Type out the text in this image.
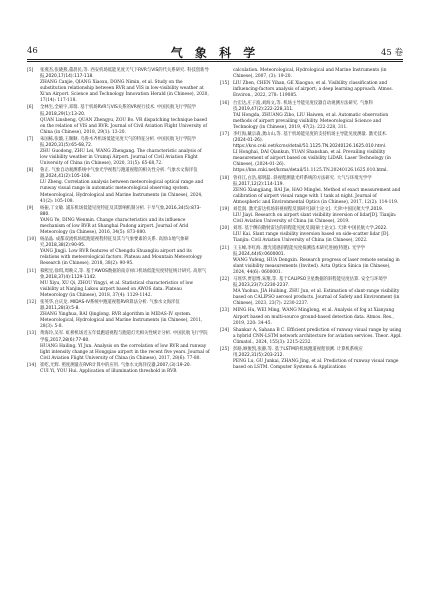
46	气 象 科 学	45 卷
[5] 张燕杰,张晓燕,董晨民,等. 西安机场低能见度天气下RVR与VIS的代关系研究. 科技创新导报,2020,17(14):117-118.
ZHANG Canjie, QIANG Xiaoxu, DONG Nimin, et al. Study on the substitution relationship between RVR and VIS in low-visibility weather at Xi'an Airport. Science and Technology Innovation Herald (in Chinese), 2020, 17(14): 117-118.
[6] 全林生,全硕宇,邓瑞. 基于机场RVR与VIS关系的VR视行技术. 中国民航飞行学院学报,2018,29(1):13-20.
QUAN Linsheng, QUAN Zhengyu, ZOU Bo. VR dispatching technique based on the relation of VIS and RVR. Journal of Civil Aviation Flight University of China (in Chinese), 2018, 29(1): 13-20.
[7] 朱国栋,张璇,王顺顺. 乌鲁木齐机场低能见度天气的特征分析. 中国民航飞行学院学报,2020,31(5):65-68,72.
ZHU Guodong, ZHU Lei, WANG Zhengang. The characteristic analysis of low visibility weather in Urumqi Airport. Journal of Civil Aviation Flight University of China (in Chinese), 2020, 31(5): 65-68,72.
[8] 鲁正. 气象自动观测系统中气象光学视程与跑道视程的相关性分析. 气象水文海洋仪器,2024,41(2):105-108.
LU Zheng. Correlation analysis between meteorological optical range and runway visual range in automatic meteorological observing system. Meteorological, Hydrological and Marine Instruments (in Chinese), 2024, 41(2): 105-108.
[9] 杨振,丁文敏. 浦东机场低能见度特征及其影响机制分析. 干旱气象,2016,34(5):873-880.
YANG Ye, DING Wenmin. Change characteristics and its influence mechanism of low RVR at Shanghai Pudong airport. Journal of Arid Meteorology (in Chinese), 2016, 34(5): 873-880.
[10] 杨晶晶. 成都双流机场低跑道视程特征及其与气象要素的关系. 高原山地气象研究,2018,38(2):90-95.
YANG Jingji. Low RVR features of Chengdu Shuangliu airport and its relations with meteorological factors. Plateau and Mountain Meteorology Research (in Chinese), 2018, 38(2): 90-95.
[11] 慕熙昱,徐琪,周映义,等. 基于AWOS数据的南京禄口机场低能见度特征统计研究. 高原气象,2018,37(4):1129-1142.
MU Xiyu, XU Qi, ZHOU Yingyi, et al. Statistical characteristics of low visibility at Nanjing Lukou airport based on AWOS data. Plateau Meteorology (in Chinese), 2018, 37(4): 1129-1142.
[12] 张英华,白庆龙. MIDAS-IV系统中跑道视程RVR算法分析. 气象水文海洋仪器,2011,28(3):5-8.
ZHANG Yinghua, BAI Qinglong. RVR algorithm in MIDAS-IV system. Meteorological, Hydrological and Marine Instruments (in Chinese), 2011, 28(3): 5-8.
[13] 黄海玲,吴军. 虹桥机场近五年低跑道视程与跑道灯光相关性统计分析. 中国民航飞行学院学报,2017,28(6):77-80.
HUANG Hailing, YI Jun. Analysis on the correlation of low RVR and runway light intensity change at Hongqiao airport in the recent five years. Journal of Civil Aviation Flight University of China (in Chinese), 2017, 28(6): 77-80.
[14] 崔屹,尤辉. 照度测量在RVR计算中的应用. 气象水文海洋仪器,2007,(3):19-20.
CUI Yi, YOU Hui. Application of illumination threshold in RVR
calculation. Meteorological, Hydrological and Marine Instruments (in Chinese), 2007, (3): 19-20.
[15] LIU Zhen, CHEN Yihan, GE Xiaoguo, et al. Visibility classification and influencing-factors analysis of airport; a deep learning approach. Atmos. Environ., 2022, 278: 119085.
[16] 台宏达,庄子波,刘海文,等. 机场主导能见度仪器自动观测方法研究. 气象科技,2019,47(2):222-228,311.
TAI Hongda, ZHUANG Zibo, LIU Haiwen, et al. Automatic observation methods of airport prevailing visibility. Meteorological Science and Technology (in Chinese), 2019, 47(2): 222-228, 311.
[17] 李红海,戴宗森,龚山山,等. 基于机场能见度的支持机场主导能见度测量. 激光技术. (2024-01-26). https://kns.cnki.net/kcms/detail/51.1125.TN.20240126.1625.010.html.
LI Honghai, DAI Qiankun, YUAN Shanshan, et al. Prevailing visibility measurement of airport based on visibility LiDAR. Laser Technology (in Chinese), (2024-01-26). https://kns.cnki.net/kcms/detail/51.1125.TN.20240126.1625.010.html.
[18] 曾祥江,白浩,郝明磊. 斜视程测量光纤系统的方法研究. 大气与环境光学学报,2017,12(2):114-119.
ZENG Xiangjiang, BAI Jie, HAO Minglei. Method of exact measurement and calibration of airport visual range with 1 tank at night. Journal of Atmospheric and Environmental Optics (in Chinese), 2017, 12(2): 114-119.
[19] 刘佳润. 激光雷达机场斜视视程反演研究[硕士论文]. 天津:中国民航大学,2019.
LIU Jiayi. Research on airport slant visibility inversion of lidar[D]. Tianjin: Civil Aviation University of China (in Chinese), 2019.
[20] 刘瑶. 基于侧向散射雷达的斜程能见度反演[硕士论文]. 天津:中国民航大学,2022.
LIU Kai. Slant range visibility inversion based on side-scatter lidar [D]. Tianjin: Civil Aviation University of China (in Chinese), 2022.
[21] 王玉峰,李红海. 激光遥感斜程能见度探测技术研究进展(特邀). 光学学报,2024,44(6):0600001.
WANG Yufeng, HUA Dengxin. Research progress of laser remote sensing in slant visibility measurements (Invited). Acta Optica Sinica (in Chinese), 2024, 44(6): 0600001.
[22] 马瑶华,贾思博,朱翔,等. 基于CALIPSO卫星数据的斜程能见度估算. 安全与环境学报,2023,23(7):2230-2237.
MA Yaohua, JIA Huibing, ZHU Jun, et al. Estimation of slant-range visibility based on CALIPSO aerosol products. Journal of Safety and Environment (in Chinese), 2023, 23(7): 2230-2237.
[23] MING Hu, WEI Ming, WANG Minglong, et al. Analysis of fog at Xianyang Airport based on multi-source ground-based detection data. Atmos. Res., 2019, 220: 34-45.
[24] Shankar A, Sahana B C. Efficient prediction of runway visual range by using a hybrid CNN-LSTM network architecture for aviation services. Theor. Appl. Climatol., 2024, 155(3): 2215-2232.
[25] 彭路,顾俊凯,张静,等. 基于LSTM的机场跑道视程预测. 计算机系统应用,2022,31(5):203-212.
PENG Lu, GU Junkai, ZHANG Jing, et al. Prediction of runway visual range based on LSTM. Computer Systems & Applications
